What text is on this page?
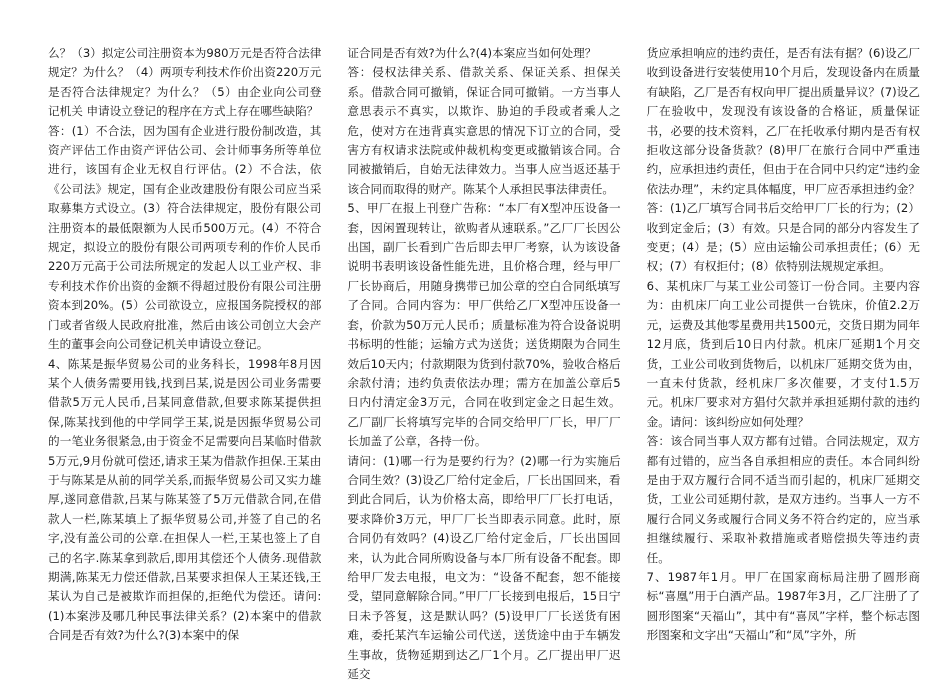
么？（3）拟定公司注册资本为980万元是否符合法律规定？为什么？（4）两项专利技术作价出资220万元是否符合法律规定？为什么？（5）由企业向公司登记机关 申请设立登记的程序在方式上存在哪些缺陷？

答：(1）不合法，因为国有企业进行股份制改造，其资产评估工作由资产评估公司、会计师事务所等单位进行，该国有企业无权自行评估。(2）不合法，依《公司法》规定，国有企业改建股份有限公司应当采取募集方式设立。(3）符合法律规定，股份有限公司注册资本的最低限额为人民币500万元。(4）不符合规定，拟设立的股份有限公司两项专利的作价人民币 220万元高于公司法所规定的发起人以工业产权、非专利技术作价出资的金额不得超过股份有限公司注册资本到20%。(5）公司欲设立，应报国务院授权的部门或者省级人民政府批准，然后由该公司创立大会产生的董事会向公司登记机关申请设立登记。

4、陈某是振华贸易公司的业务科长，1998年8月因某个人债务需要用钱,找到吕某,说是因公司业务需要借款5万元人民币,吕某同意借款,但要求陈某提供担保,陈某找到他的中学同学王某,说是因振华贸易公司的一笔业务很紧急,由于资金不足需要向吕某临时借款5万元,9月份就可偿还,请求王某为借款作担保.王某由于与陈某是从前的同学关系,而振华贸易公司又实力雄厚,遂同意借款,吕某与陈某签了5万元借款合同,在借款人一栏,陈某填上了振华贸易公司,并签了自己的名字,没有盖公司的公章.在担保人一栏,王某也签上了自己的名字.陈某拿到款后,即用其偿还个人债务.现借款期满,陈某无力偿还借款,吕某要求担保人王某还钱,王某认为自己是被欺诈而担保的,拒绝代为偿还。请问:(1)本案涉及哪几种民事法律关系？(2)本案中的借款合同是否有效?为什么?(3)本案中的保

证合同是否有效?为什么?(4)本案应当如何处理？

答：侵权法律关系、借款关系、保证关系、担保关系。借款合同可撤销，保证合同可撤销。一方当事人意思表示不真实，以欺诈、胁迫的手段或者乘人之危，使对方在违背真实意思的情况下订立的合同，受害方有权请求法院或仲裁机构变更或撤销该合同。合同被撤销后，自始无法律效力。当事人应当返还基于该合同而取得的财产。陈某个人承担民事法律责任。

5、甲厂在报上刊登广告称：“本厂有X型冲压设备一套，因闲置现转让，欲购者从速联系。”乙厂厂长因公出国，副厂长看到广告后即去甲厂考察，认为该设备说明书表明该设备性能先进，且价格合理，经与甲厂厂长协商后，用随身携带已加公章的空白合同纸填写了合同。合同内容为：甲厂供给乙厂X型冲压设备一套，价款为50万元人民币；质量标准为符合设备说明书标明的性能；运输方式为送货；送货期限为合同生效后10天内；付款期限为货到付款70%，验收合格后余款付清；违约负责依法办理；需方在加盖公章后5日内付清定金3万元，合同在收到定金之日起生效。乙厂副厂长将填写完毕的合同交给甲厂厂长，甲厂厂长加盖了公章，各持一份。

请问：(1)哪一行为是要约行为？(2)哪一行为实施后合同生效？(3)设乙厂给付定金后，厂长出国回来，看到此合同后，认为价格太高，即给甲厂厂长打电话，要求降价3万元，甲厂厂长当即表示同意。此时，原合同仍有效吗？(4)设乙厂给付定金后，厂长出国回来，认为此合同所购设备与本厂所有设备不配套。即给甲厂发去电报，电文为：“设备不配套，恕不能接受，望同意解除合同。”甲厂厂长接到电报后，15日宁日未予答复，这是默认吗？(5)设甲厂厂长送货有困难，委托某汽车运输公司代送，送货途中由于车辆发生事故，货物延期到达乙厂1个月。乙厂提出甲厂迟延交

货应承担响应的违约责任，是否有法有据？(6)设乙厂收到设备进行安装使用10个月后，发现设备内在质量有缺陷，乙厂是否有权向甲厂提出质量异议？(7)设乙厂在验收中，发现没有该设备的合格证，质量保证书，必要的技术资料，乙厂在托收承付期内是否有权拒收这部分设备货款？(8)甲厂在旅行合同中严重违约，应承担违约责任，但由于在合同中只约定“违约金依法办理”，未约定具体幅度，甲厂应否承担违约金？答：(1)乙厂填写合同书后交给甲厂厂长的行为；(2）收到定金后；(3）有效。只是合同的部分内容发生了变更；(4）是；(5）应由运输公司承担责任；(6）无权；(7）有权拒付；(8）依特别法规规定承担。

6、某机床厂与某工业公司签订一份合同。主要内容为：由机床厂向工业公司提供一台铣床，价值2.2万元，运费及其他零星费用共1500元，交货日期为同年12月底，货到后10日内付款。机床厂延期1个月交货，工业公司收到货物后，以机床厂延期交货为由，一直未付货款，经机床厂多次催要，才支付1.5万元。机床厂要求对方猖付欠款并承担延期付款的违约金。请问：该纠纷应如何处理？

答：该合同当事人双方都有过错。合同法规定，双方都有过错的，应当各自承担相应的责任。本合同纠纷是由于双方履行合同不适当而引起的，机床厂延期交货，工业公司延期付款，是双方违约。当事人一方不履行合同义务或履行合同义务不符合约定的，应当承担继续履行、采取补救措施或者赔偿损失等违约责任。

7、1987年1月。甲厂在国家商标局注册了圆形商标“喜凰”用于白酒产品。1987年3月，乙厂注册了了圆形图案“天福山”，其中有“喜凤”字样，整个标志图形图案和文字出“天福山”和“凤”字外，所
